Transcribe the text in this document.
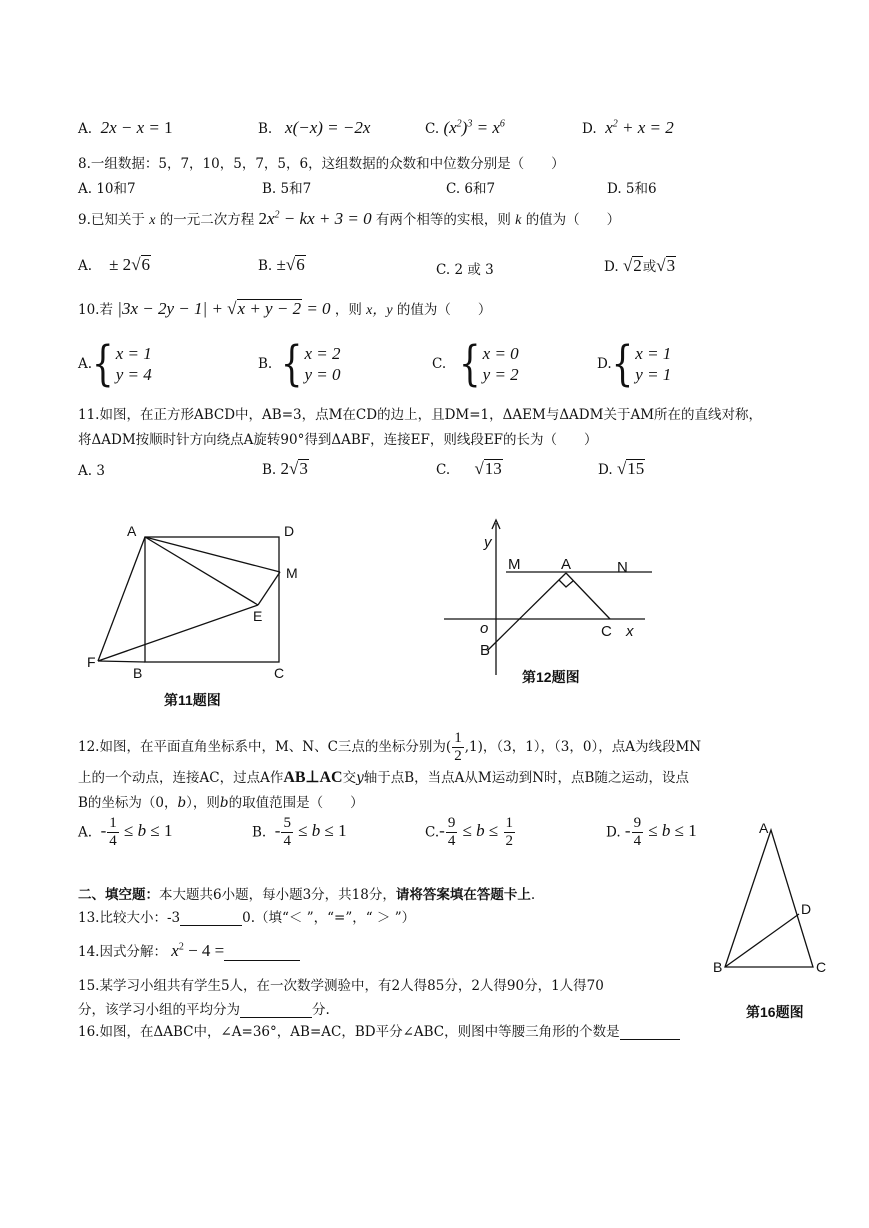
A.  2x − x = 1	B. x(−x) = −2x	C. $(x^2)^3 = x^6$	D. $x^2 + x = 2$
8.一组数据：5，7，10，5，7，5，6，这组数据的众数和中位数分别是（　　）
A. 10和7	B. 5和7	C. 6和7	D. 5和6
9.已知关于 x 的一元二次方程 $2x^2$ − kx + 3 = 0 有两个相等的实根，则 k 的值为（　　）
A.    ± 2√6	B. ±√6	C. 2 或 3	D. √2或√3
10.若 |3x − 2y − 1| + √x + y − 2 = 0 ，则 x，y 的值为（　　）
A.{ x = 1
y = 4
B. { x = 2
y = 0
C. { x = 0
y = 2
D.{ x = 1
y = 1
11.如图，在正方形ABCD中，AB=3，点M在CD的边上，且DM=1，ΔAEM与ΔADM关于AM所在的直线对称，
将ΔADM按顺时针方向绕点A旋转90°得到ΔABF，连接EF，则线段EF的长为（　　）
A. 3	B. 2√3	C. √13	D. √15
A	D
M
E
F
B	C
第11题图
y
M	A	N
o
B
C x
第12题图
12.如图，在平面直角坐标系中，M、N、C三点的坐标分别为( $\frac{1}{2} ,1$)，（3，1），（3，0），点A为线段MN
上的一个动点，连接AC，过点A作AB⊥AC交y轴于点B，当点A从M运动到N时，点B随之运动，设点
B的坐标为（0，b），则b的取值范围是（　　）
A.  - $\frac{1}{4} \le b \le 1$	B.  - $\frac{5}{4} \le b \le 1$	$C.- \frac{9}{4} \le b \le \frac{1}{2}$	D. - $\frac{9}{4} \le b \le 1$	A
D
B	C
第16题图
二、填空题：本大题共6小题，每小题3分，共18分，请将答案填在答题卡上.
13.比较大小：-3	0.（填“＜ ”，“=”，“ ＞ ”）
14.因式分解： $x^2 - 4$ =
15.某学习小组共有学生5人，在一次数学测验中，有2人得85分，2人得90分，1人得70
分，该学习小组的平均分为	分.
16.如图，在ΔABC中，∠A=36°，AB=AC，BD平分∠ABC，则图中等腰三角形的个数是
